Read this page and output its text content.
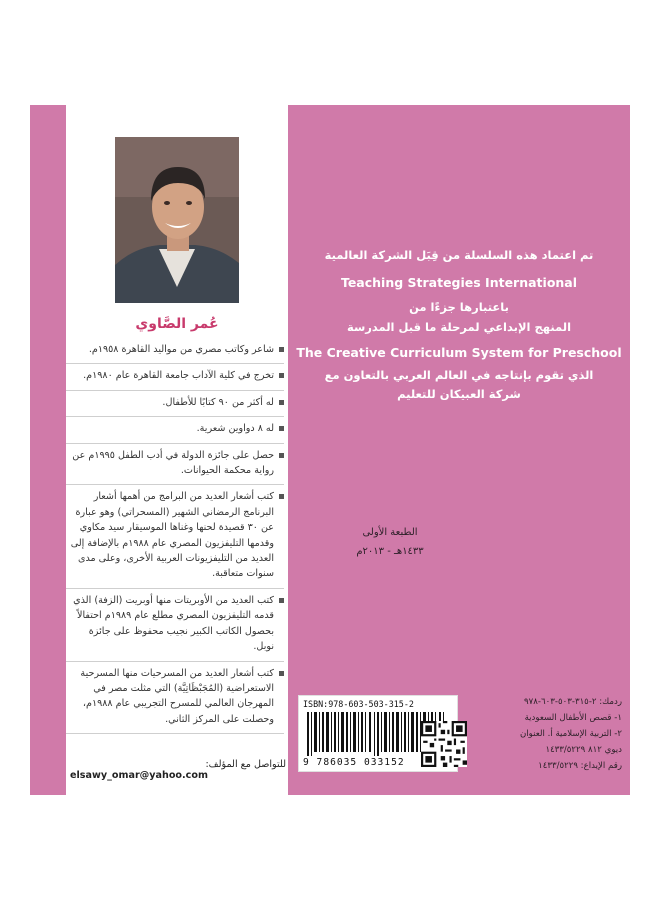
عُمر الصَّاوي
شاعر وكاتب مصري من مواليد القاهرة ١٩٥٨م.
تخرج في كلية الآداب جامعة القاهرة عام ١٩٨٠م.
له أكثر من ٩٠ كتابًا للأطفال.
له ٨ دواوين شعرية.
حصل على جائزة الدولة في أدب الطفل ١٩٩٥م عن رواية محكمة الحيوانات.
كتب أشعار العديد من البرامج من أهمها أشعار البرنامج الرمضاني الشهير (المسحراتي) وهو عبارة عن ٣٠ قصيدة لحنها وغناها الموسيقار سيد مكاوي وقدمها التليفزيون المصري عام ١٩٨٨م بالإضافة إلى العديد من التليفزيونات العربية الأخرى، وعلى مدى سنوات متعاقبة.
كتب العديد من الأوبريتات منها أوبريت (الزفة) الذي قدمه التليفزيون المصري مطلع عام ١٩٨٩م احتفالاً بحصول الكاتب الكبير نجيب محفوظ على جائزة نوبل.
كتب أشعار العديد من المسرحيات منها المسرحية الاستعراضية (المُجَبْظَاتِيَّة) التي مثلت مصر في المهرجان العالمي للمسرح التجريبي عام ١٩٨٨م، وحصلت على المركز الثاني.
للتواصل مع المؤلف:
elsawy_omar@yahoo.com
تم اعتماد هذه السلسلة من قِبَل الشركة العالمية
Teaching Strategies International
باعتبارها جزءًا من
المنهج الإبداعي لمرحلة ما قبل المدرسة
The Creative Curriculum System for Preschool
الذي تقوم بإنتاجه في العالم العربي بالتعاون مع
شركة العبيكان للتعليم
الطبعة الأولى
١٤٣٣هـ - ٢٠١٣م
ISBN:978-603-503-315-2
9 786035 033152
ردمك: ٢-٣١٥-٥٠٣-٦٠٣-٩٧٨
١- قصص الأطفال السعودية
٢- التربية الإسلامية أ. العنوان
ديوي ٨١٢ ١٤٣٣/٥٢٢٩
رقم الإيداع: ١٤٣٣/٥٢٢٩
